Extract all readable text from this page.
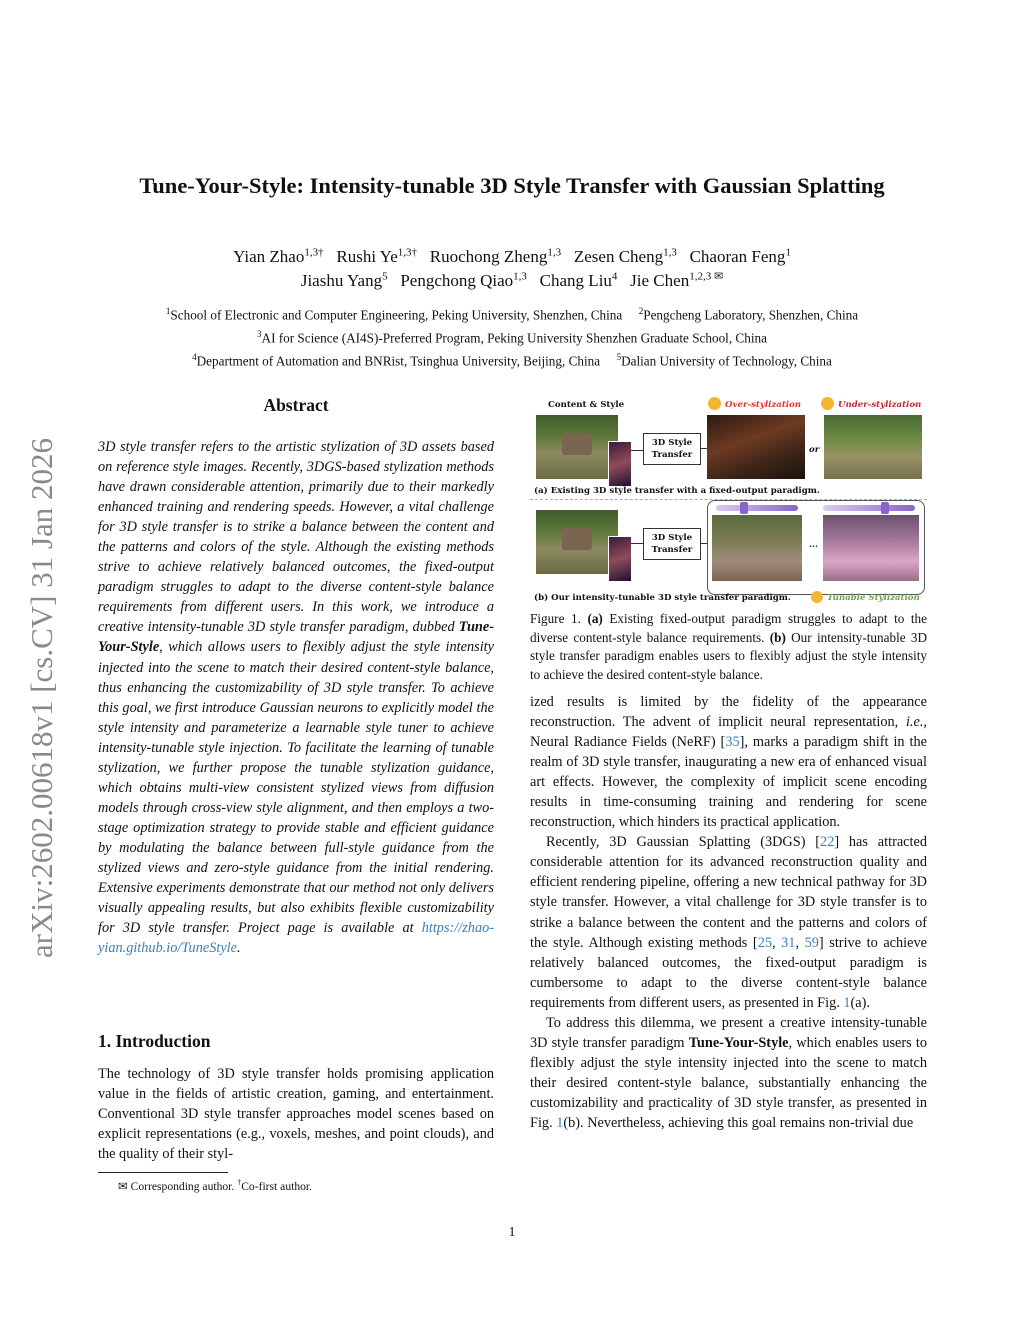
arXiv:2602.00618v1 [cs.CV] 31 Jan 2026
Tune-Your-Style: Intensity-tunable 3D Style Transfer with Gaussian Splatting
Yian Zhao$^{1,3\dagger}$ Rushi $Ye^{1,3\dagger}$ Ruochong Zheng$^{1,3}$ Zesen Cheng$^{1,3}$ Chaoran Feng$^1$
Jiashu Yang$^5$ Pengchong Qiao$^{1,3}$ Chang Liu$^4$ Jie Chen$^{1,2,3 ✉}$
$^1$School of Electronic and Computer Engineering, Peking University, Shenzhen, China $^2$Pengcheng Laboratory, Shenzhen, China
$^3$AI for Science (AI4S)-Preferred Program, Peking University Shenzhen Graduate School, China
$^4$Department of Automation and BNRist, Tsinghua University, Beijing, China $^5$Dalian University of Technology, China
Abstract
3D style transfer refers to the artistic stylization of 3D assets based on reference style images. Recently, 3DGS-based stylization methods have drawn considerable attention, primarily due to their markedly enhanced training and rendering speeds. However, a vital challenge for 3D style transfer is to strike a balance between the content and the patterns and colors of the style. Although the existing methods strive to achieve relatively balanced outcomes, the fixed-output paradigm struggles to adapt to the diverse content-style balance requirements from different users. In this work, we introduce a creative intensity-tunable 3D style transfer paradigm, dubbed Tune-Your-Style, which allows users to flexibly adjust the style intensity injected into the scene to match their desired content-style balance, thus enhancing the customizability of 3D style transfer. To achieve this goal, we first introduce Gaussian neurons to explicitly model the style intensity and parameterize a learnable style tuner to achieve intensity-tunable style injection. To facilitate the learning of tunable stylization, we further propose the tunable stylization guidance, which obtains multi-view consistent stylized views from diffusion models through cross-view style alignment, and then employs a two-stage optimization strategy to provide stable and efficient guidance by modulating the balance between full-style guidance from the stylized views and zero-style guidance from the initial rendering. Extensive experiments demonstrate that our method not only delivers visually appealing results, but also exhibits flexible customizability for 3D style transfer. Project page is available at https://zhao-yian.github.io/TuneStyle.
1. Introduction
The technology of 3D style transfer holds promising application value in the fields of artistic creation, gaming, and entertainment. Conventional 3D style transfer approaches model scenes based on explicit representations (e.g., voxels, meshes, and point clouds), and the quality of their styl-
✉ Corresponding author. †Co-first author.
Content & Style	Over-stylization	Under-stylization
3D Style Transfer	or
(a) Existing 3D style transfer with a fixed-output paradigm.
3D Style Transfer	...
(b) Our intensity-tunable 3D style transfer paradigm.	Tunable Stylization
Figure 1. (a) Existing fixed-output paradigm struggles to adapt to the diverse content-style balance requirements. (b) Our intensity-tunable 3D style transfer paradigm enables users to flexibly adjust the style intensity to achieve the desired content-style balance.

ized results is limited by the fidelity of the appearance reconstruction. The advent of implicit neural representation, i.e., Neural Radiance Fields (NeRF) [35], marks a paradigm shift in the realm of 3D style transfer, inaugurating a new era of enhanced visual art effects. However, the complexity of implicit scene encoding results in time-consuming training and rendering for scene reconstruction, which hinders its practical application.

Recently, 3D Gaussian Splatting (3DGS) [22] has attracted considerable attention for its advanced reconstruction quality and efficient rendering pipeline, offering a new technical pathway for 3D style transfer. However, a vital challenge for 3D style transfer is to strike a balance between the content and the patterns and colors of the style. Although existing methods [25, 31, 59] strive to achieve relatively balanced outcomes, the fixed-output paradigm is cumbersome to adapt to the diverse content-style balance requirements from different users, as presented in Fig. 1(a).

To address this dilemma, we present a creative intensity-tunable 3D style transfer paradigm Tune-Your-Style, which enables users to flexibly adjust the style intensity injected into the scene to match their desired content-style balance, substantially enhancing the customizability and practicality of 3D style transfer, as presented in Fig. 1(b). Nevertheless, achieving this goal remains non-trivial due

1
